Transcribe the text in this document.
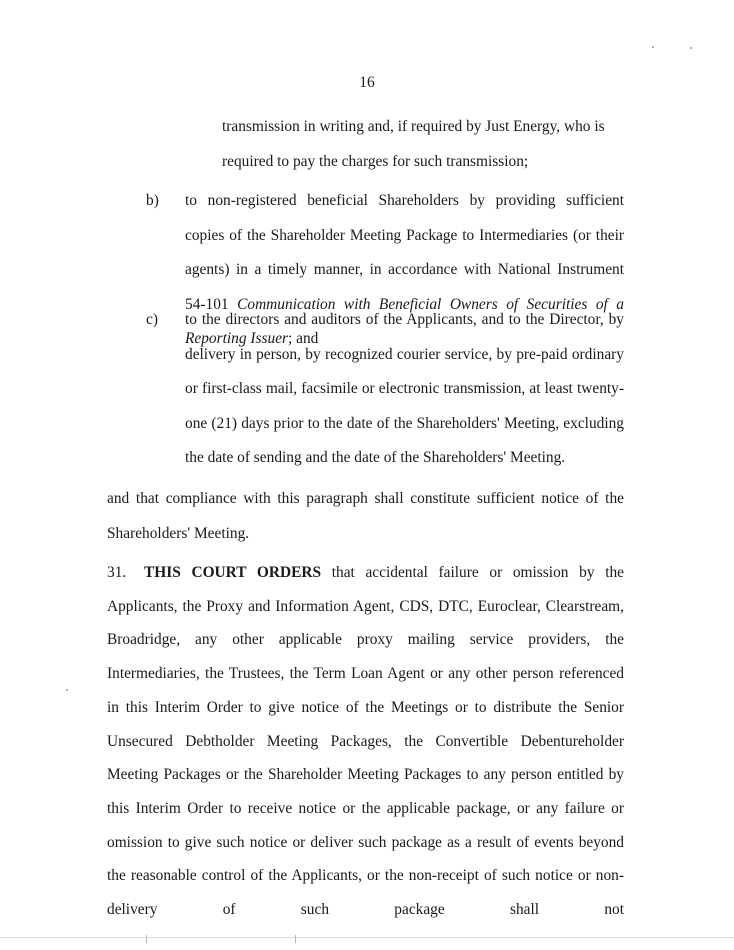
16
transmission in writing and, if required by Just Energy, who is required to pay the charges for such transmission;
b) to non-registered beneficial Shareholders by providing sufficient copies of the Shareholder Meeting Package to Intermediaries (or their agents) in a timely manner, in accordance with National Instrument 54-101 Communication with Beneficial Owners of Securities of a Reporting Issuer; and
c) to the directors and auditors of the Applicants, and to the Director, by delivery in person, by recognized courier service, by pre-paid ordinary or first-class mail, facsimile or electronic transmission, at least twenty-one (21) days prior to the date of the Shareholders' Meeting, excluding the date of sending and the date of the Shareholders' Meeting.
and that compliance with this paragraph shall constitute sufficient notice of the Shareholders' Meeting.
31. THIS COURT ORDERS that accidental failure or omission by the Applicants, the Proxy and Information Agent, CDS, DTC, Euroclear, Clearstream, Broadridge, any other applicable proxy mailing service providers, the Intermediaries, the Trustees, the Term Loan Agent or any other person referenced in this Interim Order to give notice of the Meetings or to distribute the Senior Unsecured Debtholder Meeting Packages, the Convertible Debentureholder Meeting Packages or the Shareholder Meeting Packages to any person entitled by this Interim Order to receive notice or the applicable package, or any failure or omission to give such notice or deliver such package as a result of events beyond the reasonable control of the Applicants, or the non-receipt of such notice or non-delivery of such package shall not
